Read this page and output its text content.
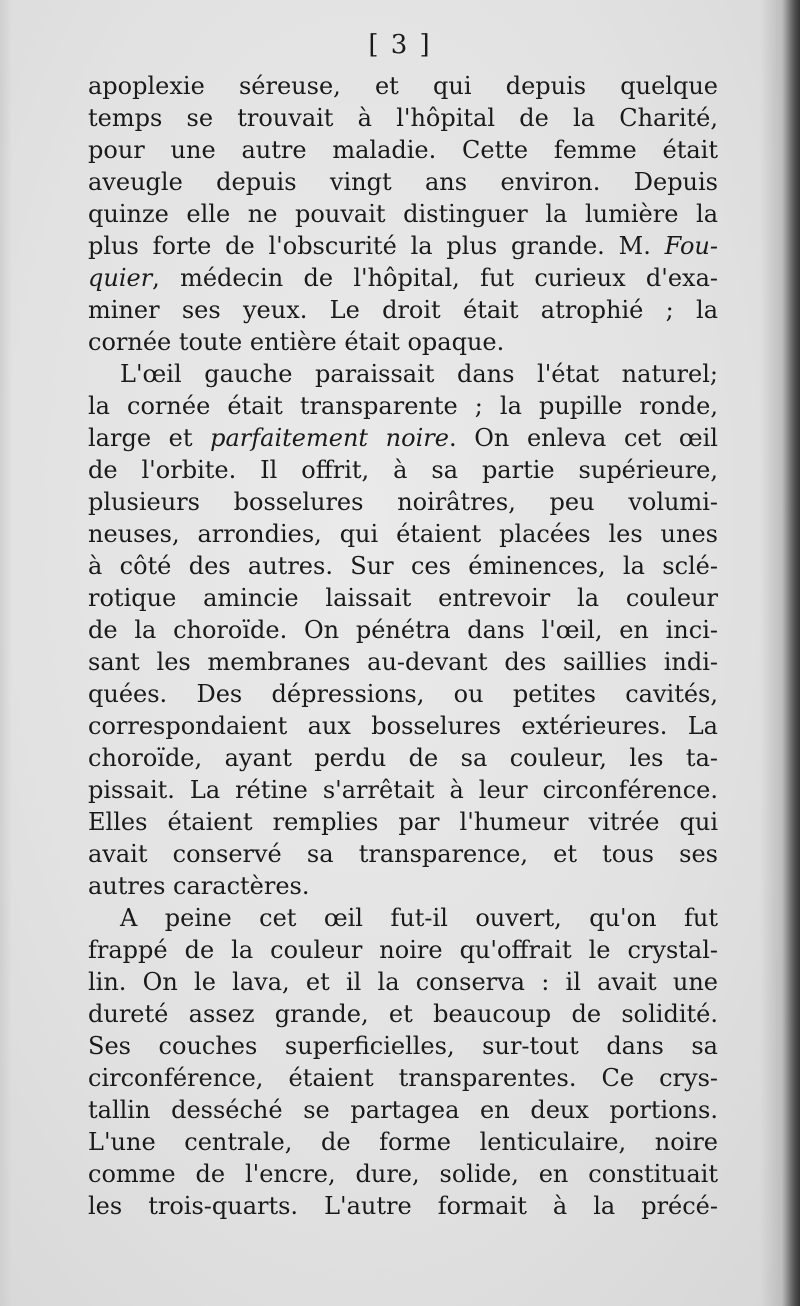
[ 3 ]
apoplexie séreuse, et qui depuis quelque
temps se trouvait à l'hôpital de la Charité,
pour une autre maladie. Cette femme était
aveugle depuis vingt ans environ. Depuis
quinze elle ne pouvait distinguer la lumière la
plus forte de l'obscurité la plus grande. M. Fou-
quier, médecin de l'hôpital, fut curieux d'exa-
miner ses yeux. Le droit était atrophié ; la
cornée toute entière était opaque.
L'œil gauche paraissait dans l'état naturel;
la cornée était transparente ; la pupille ronde,
large et parfaitement noire. On enleva cet œil
de l'orbite. Il offrit, à sa partie supérieure,
plusieurs bosselures noirâtres, peu volumi-
neuses, arrondies, qui étaient placées les unes
à côté des autres. Sur ces éminences, la sclé-
rotique amincie laissait entrevoir la couleur
de la choroïde. On pénétra dans l'œil, en inci-
sant les membranes au-devant des saillies indi-
quées. Des dépressions, ou petites cavités,
correspondaient aux bosselures extérieures. La
choroïde, ayant perdu de sa couleur, les ta-
pissait. La rétine s'arrêtait à leur circonférence.
Elles étaient remplies par l'humeur vitrée qui
avait conservé sa transparence, et tous ses
autres caractères.
A peine cet œil fut-il ouvert, qu'on fut
frappé de la couleur noire qu'offrait le crystal-
lin. On le lava, et il la conserva : il avait une
dureté assez grande, et beaucoup de solidité.
Ses couches superficielles, sur-tout dans sa
circonférence, étaient transparentes. Ce crys-
tallin desséché se partagea en deux portions.
L'une centrale, de forme lenticulaire, noire
comme de l'encre, dure, solide, en constituait
les trois-quarts. L'autre formait à la précé-
